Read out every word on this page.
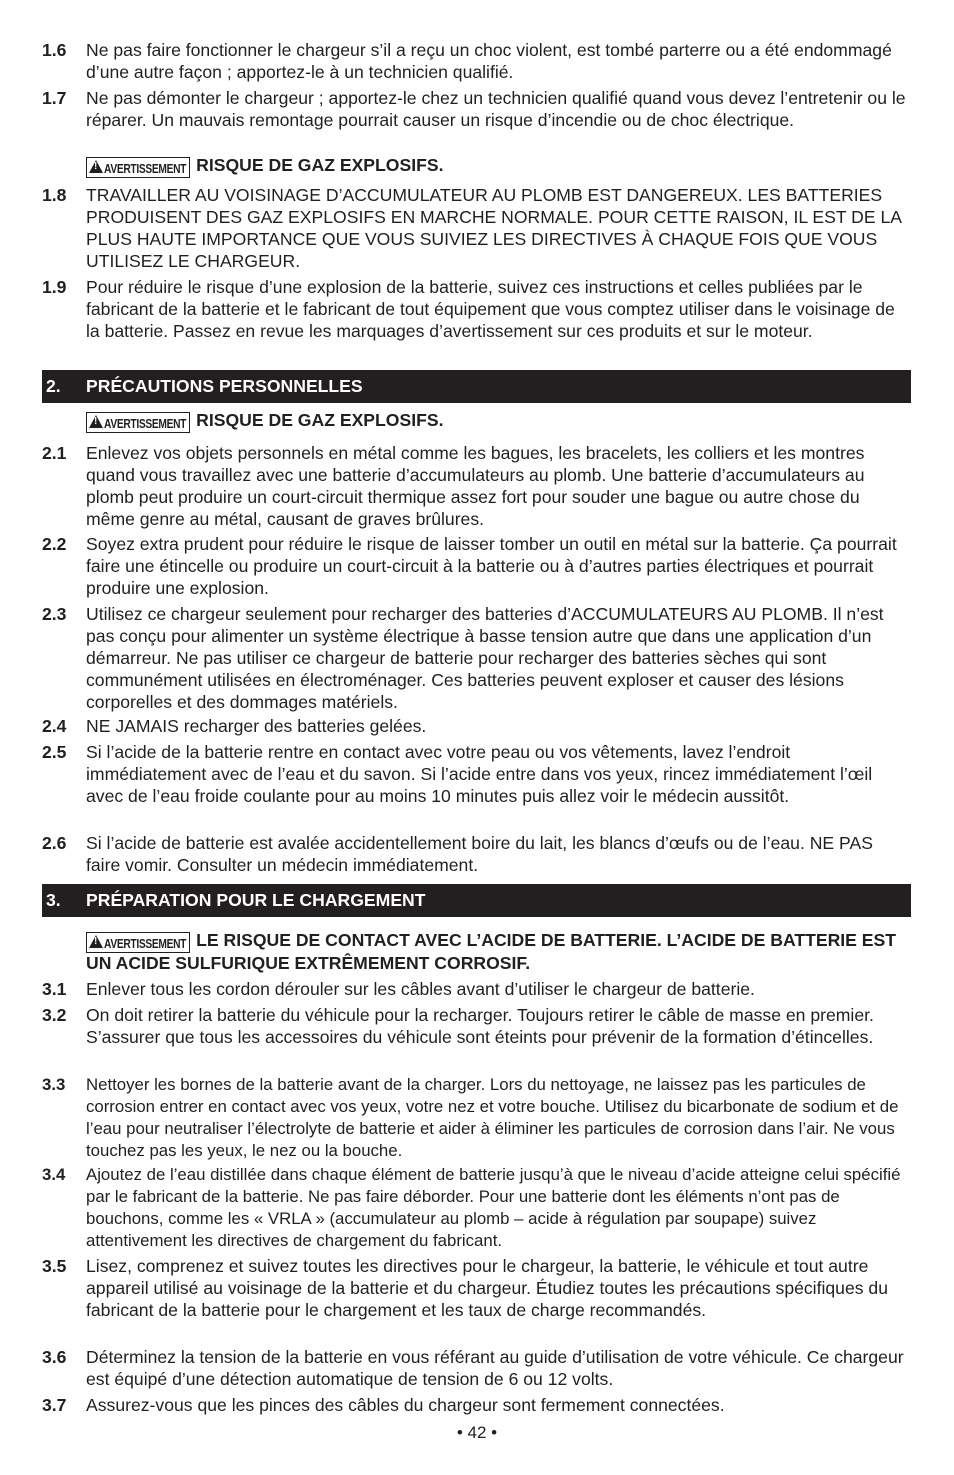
1.6	Ne pas faire fonctionner le chargeur s’il a reçu un choc violent, est tombé parterre ou a été endommagé d’une autre façon ; apportez-le à un technicien qualifié.
1.7	Ne pas démonter le chargeur ; apportez-le chez un technicien qualifié quand vous devez l’entretenir ou le réparer. Un mauvais remontage pourrait causer un risque d’incendie ou de choc électrique.
!AVERTISSEMENT RISQUE DE GAZ EXPLOSIFS.
1.8	TRAVAILLER AU VOISINAGE D’ACCUMULATEUR AU PLOMB EST DANGEREUX. LES BATTERIES PRODUISENT DES GAZ EXPLOSIFS EN MARCHE NORMALE. POUR CETTE RAISON, IL EST DE LA PLUS HAUTE IMPORTANCE QUE VOUS SUIVIEZ LES DIRECTIVES À CHAQUE FOIS QUE VOUS UTILISEZ LE CHARGEUR.
1.9	Pour réduire le risque d’une explosion de la batterie, suivez ces instructions et celles publiées par le fabricant de la batterie et le fabricant de tout équipement que vous comptez utiliser dans le voisinage de la batterie. Passez en revue les marquages d’avertissement sur ces produits et sur le moteur.
2. PRÉCAUTIONS PERSONNELLES
!AVERTISSEMENT RISQUE DE GAZ EXPLOSIFS.
2.1	Enlevez vos objets personnels en métal comme les bagues, les bracelets, les colliers et les montres quand vous travaillez avec une batterie d’accumulateurs au plomb. Une batterie d’accumulateurs au plomb peut produire un court-circuit thermique assez fort pour souder une bague ou autre chose du même genre au métal, causant de graves brûlures.
2.2	Soyez extra prudent pour réduire le risque de laisser tomber un outil en métal sur la batterie. Ça pourrait faire une étincelle ou produire un court-circuit à la batterie ou à d’autres parties électriques et pourrait produire une explosion.
2.3	Utilisez ce chargeur seulement pour recharger des batteries d’ACCUMULATEURS AU PLOMB. Il n’est pas conçu pour alimenter un système électrique à basse tension autre que dans une application d’un démarreur. Ne pas utiliser ce chargeur de batterie pour recharger des batteries sèches qui sont communément utilisées en électroménager. Ces batteries peuvent exploser et causer des lésions corporelles et des dommages matériels.
2.4	NE JAMAIS recharger des batteries gelées.
2.5	Si l’acide de la batterie rentre en contact avec votre peau ou vos vêtements, lavez l’endroit immédiatement avec de l’eau et du savon. Si l’acide entre dans vos yeux, rincez immédiatement l’œil avec de l’eau froide coulante pour au moins 10 minutes puis allez voir le médecin aussitôt.
2.6	Si l’acide de batterie est avalée accidentellement boire du lait, les blancs d’œufs ou de l’eau. NE PAS faire vomir. Consulter un médecin immédiatement.
3. PRÉPARATION POUR LE CHARGEMENT
!AVERTISSEMENT LE RISQUE DE CONTACT AVEC L’ACIDE DE BATTERIE. L’ACIDE DE BATTERIE EST UN ACIDE SULFURIQUE EXTRÊMEMENT CORROSIF.
3.1	Enlever tous les cordon dérouler sur les câbles avant d’utiliser le chargeur de batterie.
3.2	On doit retirer la batterie du véhicule pour la recharger. Toujours retirer le câble de masse en premier. S’assurer que tous les accessoires du véhicule sont éteints pour prévenir de la formation d’étincelles.
3.3	Nettoyer les bornes de la batterie avant de la charger. Lors du nettoyage, ne laissez pas les particules de corrosion entrer en contact avec vos yeux, votre nez et votre bouche. Utilisez du bicarbonate de sodium et de l’eau pour neutraliser l’électrolyte de batterie et aider à éliminer les particules de corrosion dans l’air. Ne vous touchez pas les yeux, le nez ou la bouche.
3.4	Ajoutez de l’eau distillée dans chaque élément de batterie jusqu’à que le niveau d’acide atteigne celui spécifié par le fabricant de la batterie. Ne pas faire déborder. Pour une batterie dont les éléments n’ont pas de bouchons, comme les « VRLA » (accumulateur au plomb – acide à régulation par soupape) suivez attentivement les directives de chargement du fabricant.
3.5	Lisez, comprenez et suivez toutes les directives pour le chargeur, la batterie, le véhicule et tout autre appareil utilisé au voisinage de la batterie et du chargeur. Étudiez toutes les précautions spécifiques du fabricant de la batterie pour le chargement et les taux de charge recommandés.
3.6	Déterminez la tension de la batterie en vous référant au guide d’utilisation de votre véhicule. Ce chargeur est équipé d’une détection automatique de tension de 6 ou 12 volts.
3.7	Assurez-vous que les pinces des câbles du chargeur sont fermement connectées.
• 42 •
